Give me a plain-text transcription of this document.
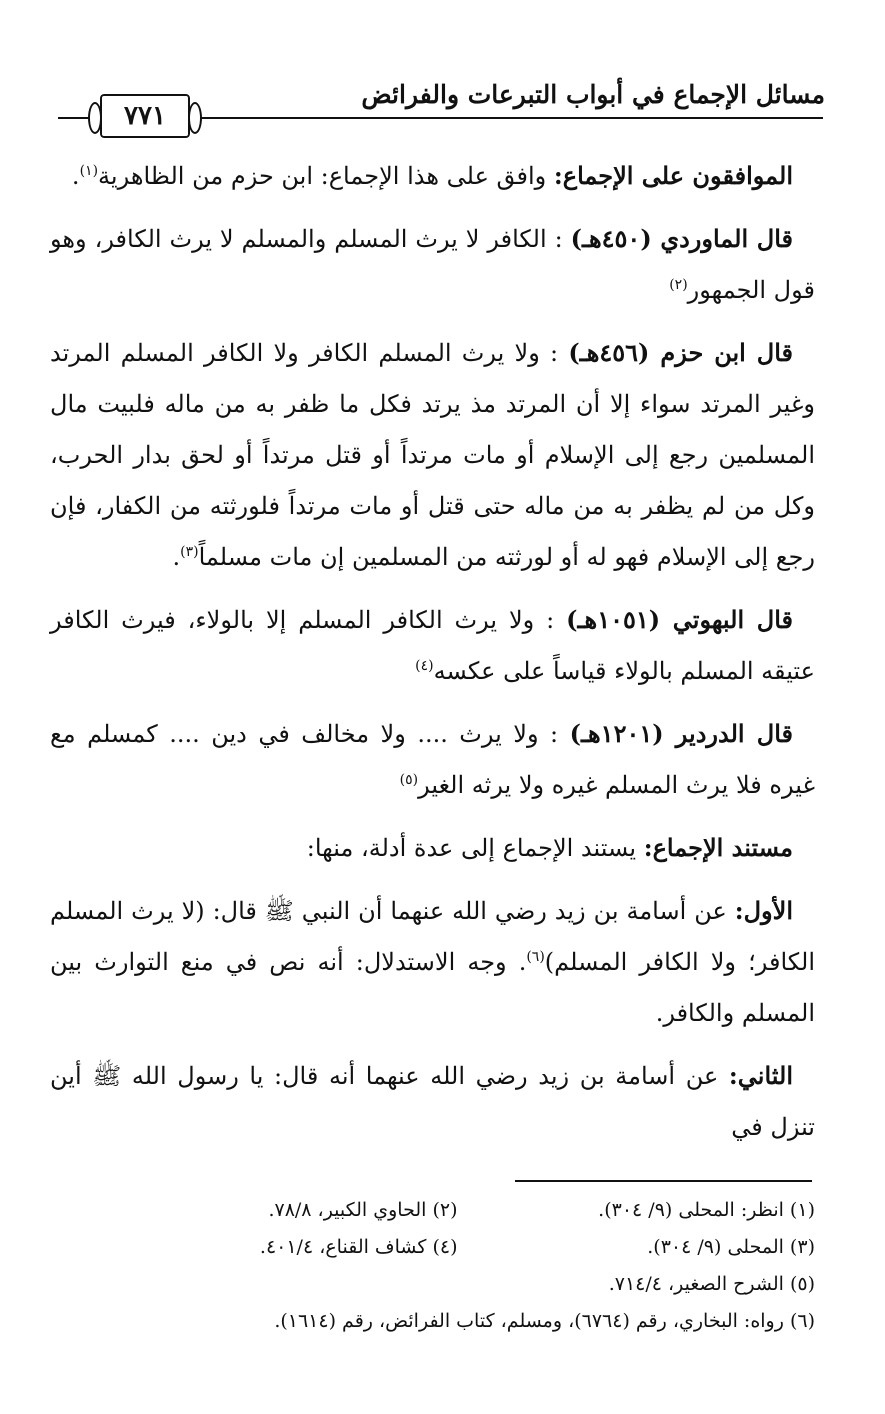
مسائل الإجماع في أبواب التبرعات والفرائض
٧٧١

الموافقون على الإجماع: وافق على هذا الإجماع: ابن حزم من الظاهرية$^{(١)}$.

قال الماوردي (٤٥٠هـ) : الكافر لا يرث المسلم والمسلم لا يرث الكافر، وهو قول الجمهور$^{(٢)}$

قال ابن حزم (٤٥٦هـ) : ولا يرث المسلم الكافر ولا الكافر المسلم المرتد وغير المرتد سواء إلا أن المرتد مذ يرتد فكل ما ظفر به من ماله فلبيت مال المسلمين رجع إلى الإسلام أو مات مرتداً أو قتل مرتداً أو لحق بدار الحرب، وكل من لم يظفر به من ماله حتى قتل أو مات مرتداً فلورثته من الكفار، فإن رجع إلى الإسلام فهو له أو لورثته من المسلمين إن مات مسلماً$^{(٣)}$.

قال البهوتي (١٠٥١هـ) : ولا يرث الكافر المسلم إلا بالولاء، فيرث الكافر عتيقه المسلم بالولاء قياساً على عكسه$^{(٤)}$

قال الدردير (١٢٠١هـ) : ولا يرث .... ولا مخالف في دين .... كمسلم مع غيره فلا يرث المسلم غيره ولا يرثه الغير$^{(٥)}$

مستند الإجماع: يستند الإجماع إلى عدة أدلة، منها:

الأول: عن أسامة بن زيد رضي الله عنهما أن النبي ﷺ قال: (لا يرث المسلم الكافر؛ ولا الكافر المسلم)$^{(٦)}$. وجه الاستدلال: أنه نص في منع التوارث بين المسلم والكافر.

الثاني: عن أسامة بن زيد رضي الله عنهما أنه قال: يا رسول الله ﷺ أين تنزل في

(١) انظر: المحلى (٩/ ٣٠٤).
(٢) الحاوي الكبير، ٧٨/٨.
(٣) المحلى (٩/ ٣٠٤).
(٤) كشاف القناع، ٤٠١/٤.
(٥) الشرح الصغير، ٧١٤/٤.
(٦) رواه: البخاري، رقم (٦٧٦٤)، ومسلم، كتاب الفرائض، رقم (١٦١٤).
